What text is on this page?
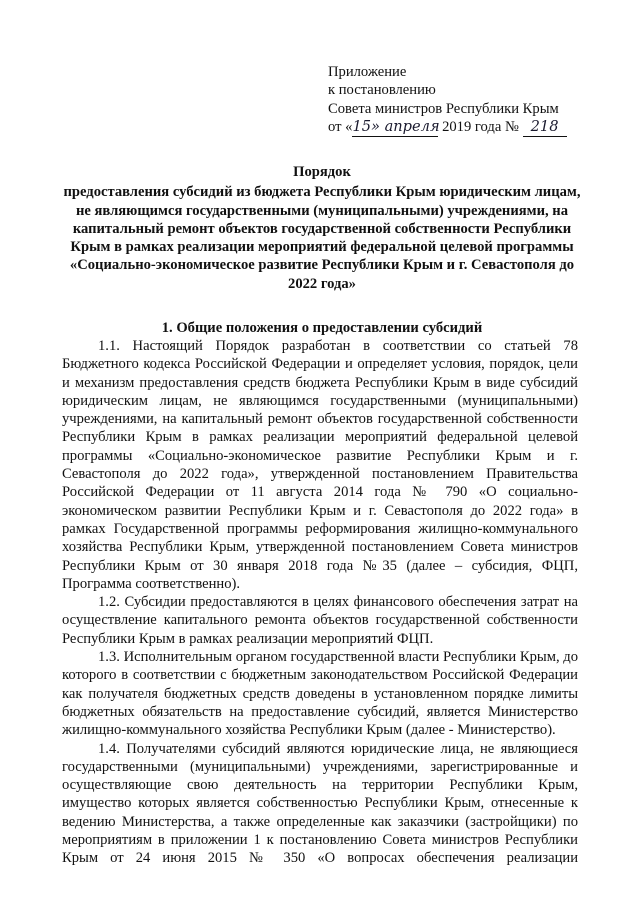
Приложение
к постановлению
Совета министров Республики Крым
от «15» апреля 2019 года № 218
Порядок
предоставления субсидий из бюджета Республики Крым юридическим лицам, не являющимся государственными (муниципальными) учреждениями, на капитальный ремонт объектов государственной собственности Республики Крым в рамках реализации мероприятий федеральной целевой программы «Социально-экономическое развитие Республики Крым и г. Севастополя до 2022 года»
1. Общие положения о предоставлении субсидий

1.1. Настоящий Порядок разработан в соответствии со статьей 78 Бюджетного кодекса Российской Федерации и определяет условия, порядок, цели и механизм предоставления средств бюджета Республики Крым в виде субсидий юридическим лицам, не являющимся государственными (муниципальными) учреждениями, на капитальный ремонт объектов государственной собственности Республики Крым в рамках реализации мероприятий федеральной целевой программы «Социально-экономическое развитие Республики Крым и г. Севастополя до 2022 года», утвержденной постановлением Правительства Российской Федерации от 11 августа 2014 года № 790 «О социально-экономическом развитии Республики Крым и г. Севастополя до 2022 года» в рамках Государственной программы реформирования жилищно-коммунального хозяйства Республики Крым, утвержденной постановлением Совета министров Республики Крым от 30 января 2018 года №35 (далее – субсидия, ФЦП, Программа соответственно).

1.2. Субсидии предоставляются в целях финансового обеспечения затрат на осуществление капитального ремонта объектов государственной собственности Республики Крым в рамках реализации мероприятий ФЦП.

1.3. Исполнительным органом государственной власти Республики Крым, до которого в соответствии с бюджетным законодательством Российской Федерации как получателя бюджетных средств доведены в установленном порядке лимиты бюджетных обязательств на предоставление субсидий, является Министерство жилищно-коммунального хозяйства Республики Крым (далее - Министерство).

1.4. Получателями субсидий являются юридические лица, не являющиеся государственными (муниципальными) учреждениями, зарегистрированные и осуществляющие свою деятельность на территории Республики Крым, имущество которых является собственностью Республики Крым, отнесенные к ведению Министерства, а также определенные как заказчики (застройщики) по мероприятиям в приложении 1 к постановлению Совета министров Республики Крым от 24 июня 2015 № 350 «О вопросах обеспечения реализации
